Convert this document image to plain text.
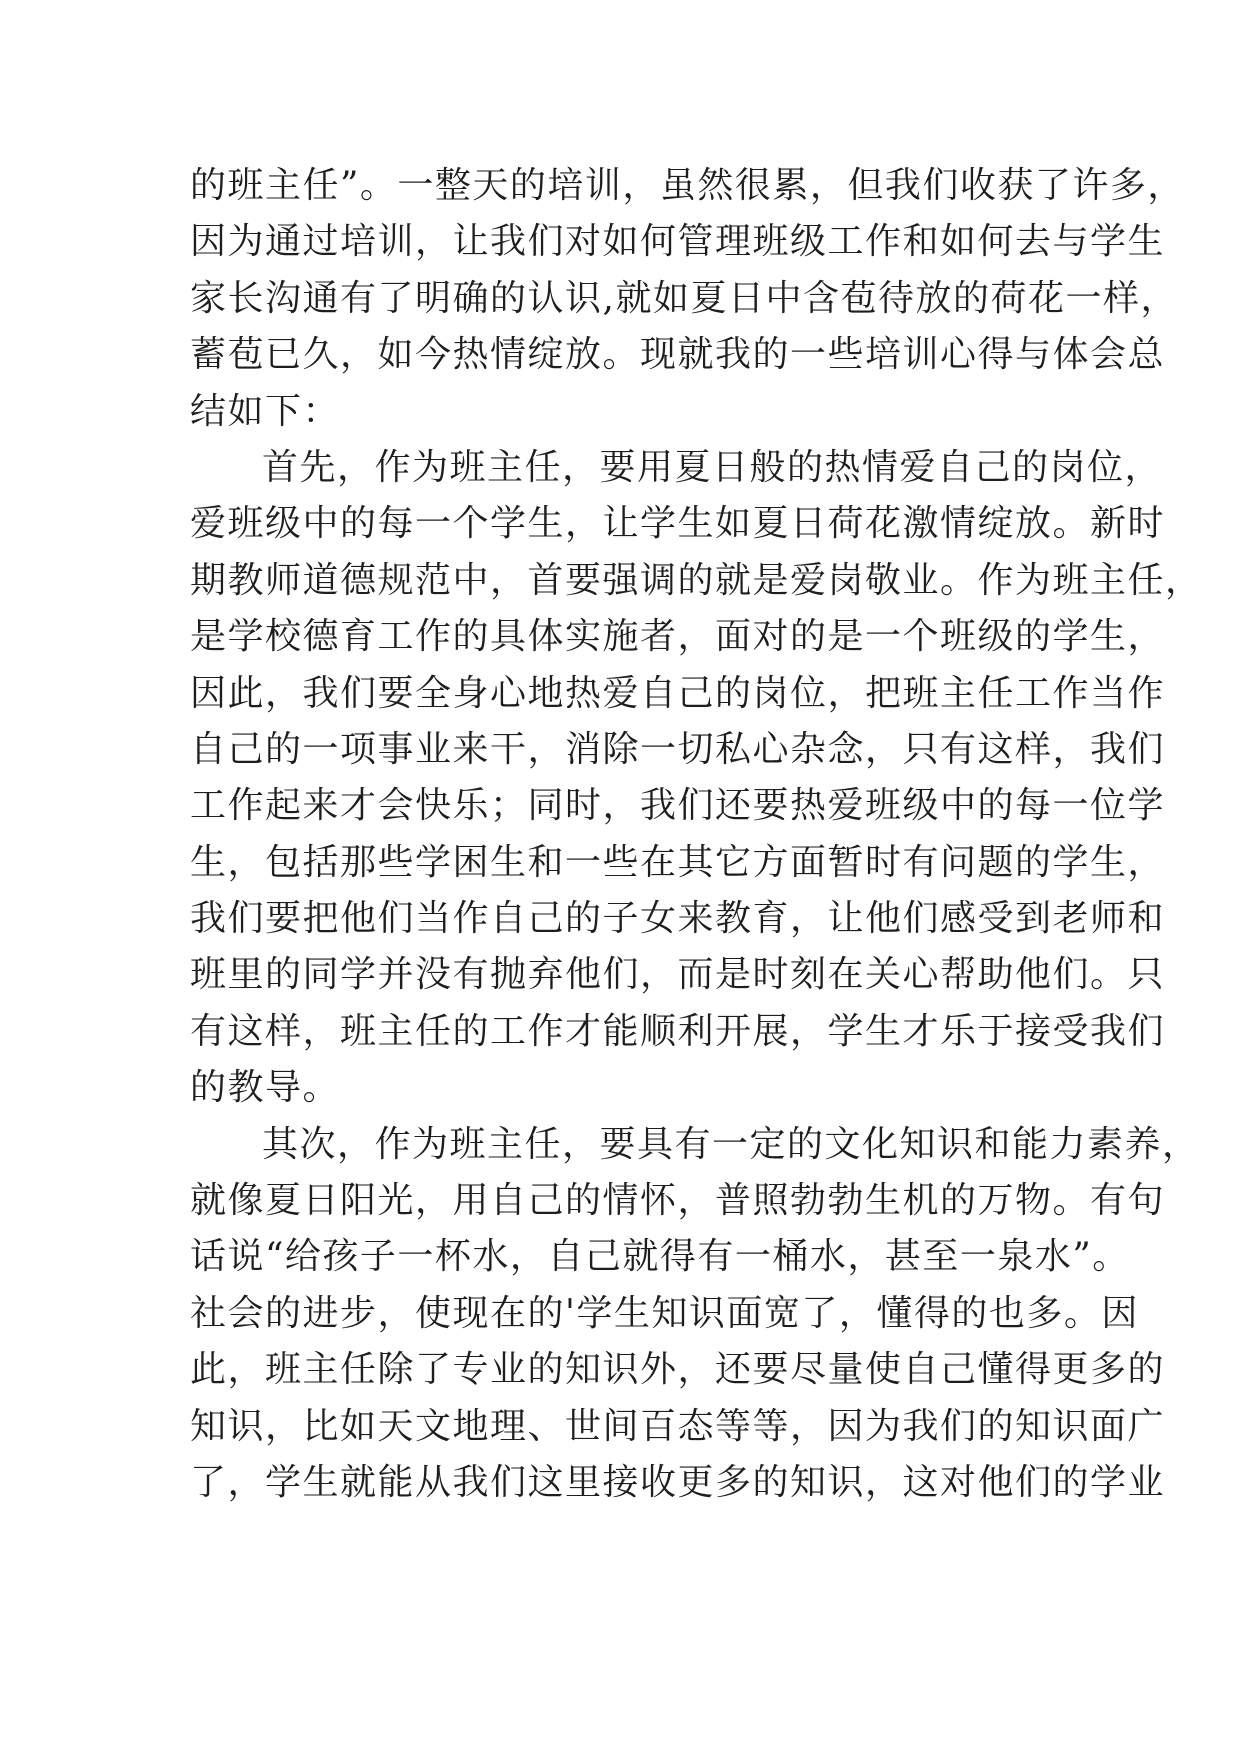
的班主任”。一整天的培训，虽然很累，但我们收获了许多，
因为通过培训，让我们对如何管理班级工作和如何去与学生
家长沟通有了明确的认识,就如夏日中含苞待放的荷花一样，
蓄苞已久，如今热情绽放。现就我的一些培训心得与体会总
结如下：
首先，作为班主任，要用夏日般的热情爱自己的岗位，
爱班级中的每一个学生，让学生如夏日荷花激情绽放。新时
期教师道德规范中，首要强调的就是爱岗敬业。作为班主任，
是学校德育工作的具体实施者，面对的是一个班级的学生，
因此，我们要全身心地热爱自己的岗位，把班主任工作当作
自己的一项事业来干，消除一切私心杂念，只有这样，我们
工作起来才会快乐；同时，我们还要热爱班级中的每一位学
生，包括那些学困生和一些在其它方面暂时有问题的学生，
我们要把他们当作自己的子女来教育，让他们感受到老师和
班里的同学并没有抛弃他们，而是时刻在关心帮助他们。只
有这样，班主任的工作才能顺利开展，学生才乐于接受我们
的教导。
其次，作为班主任，要具有一定的文化知识和能力素养，
就像夏日阳光，用自己的情怀，普照勃勃生机的万物。有句
话说“给孩子一杯水，自己就得有一桶水，甚至一泉水”。
社会的进步，使现在的'学生知识面宽了，懂得的也多。因
此，班主任除了专业的知识外，还要尽量使自己懂得更多的
知识，比如天文地理、世间百态等等，因为我们的知识面广
了，学生就能从我们这里接收更多的知识，这对他们的学业
